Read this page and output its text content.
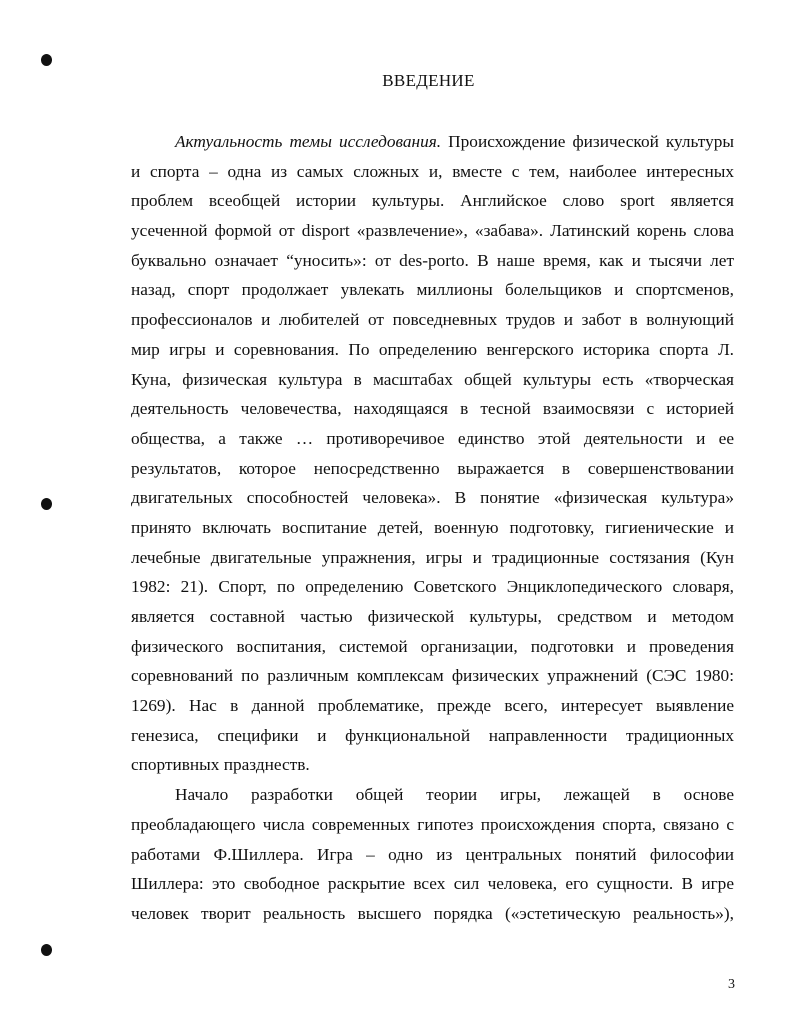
ВВЕДЕНИЕ
Актуальность темы исследования. Происхождение физической культуры
и спорта – одна из самых сложных и, вместе с тем, наиболее интересных
проблем всеобщей истории культуры. Английское слово sport является
усеченной формой от disport «развлечение», «забава». Латинский корень слова
буквально означает “уносить»: от des-porto. В наше время, как и тысячи лет
назад, спорт продолжает увлекать миллионы болельщиков и спортсменов,
профессионалов и любителей от повседневных трудов и забот в волнующий
мир игры и соревнования. По определению венгерского историка спорта Л.
Куна, физическая культура в масштабах общей культуры есть «творческая
деятельность человечества, находящаяся в тесной взаимосвязи с историей
общества, а также … противоречивое единство этой деятельности и ее
результатов, которое непосредственно выражается в совершенствовании
двигательных способностей человека». В понятие «физическая культура»
принято включать воспитание детей, военную подготовку, гигиенические и
лечебные двигательные упражнения, игры и традиционные состязания (Кун
1982: 21). Спорт, по определению Советского Энциклопедического словаря,
является составной частью физической культуры, средством и методом
физического воспитания, системой организации, подготовки и проведения
соревнований по различным комплексам физических упражнений (СЭС 1980:
1269). Нас в данной проблематике, прежде всего, интересует выявление
генезиса, специфики и функциональной направленности традиционных
спортивных празднеств.
Начало разработки общей теории игры, лежащей в основе
преобладающего числа современных гипотез происхождения спорта, связано с
работами Ф.Шиллера. Игра – одно из центральных понятий философии
Шиллера: это свободное раскрытие всех сил человека, его сущности. В игре
человек творит реальность высшего порядка («эстетическую реальность»),
3
